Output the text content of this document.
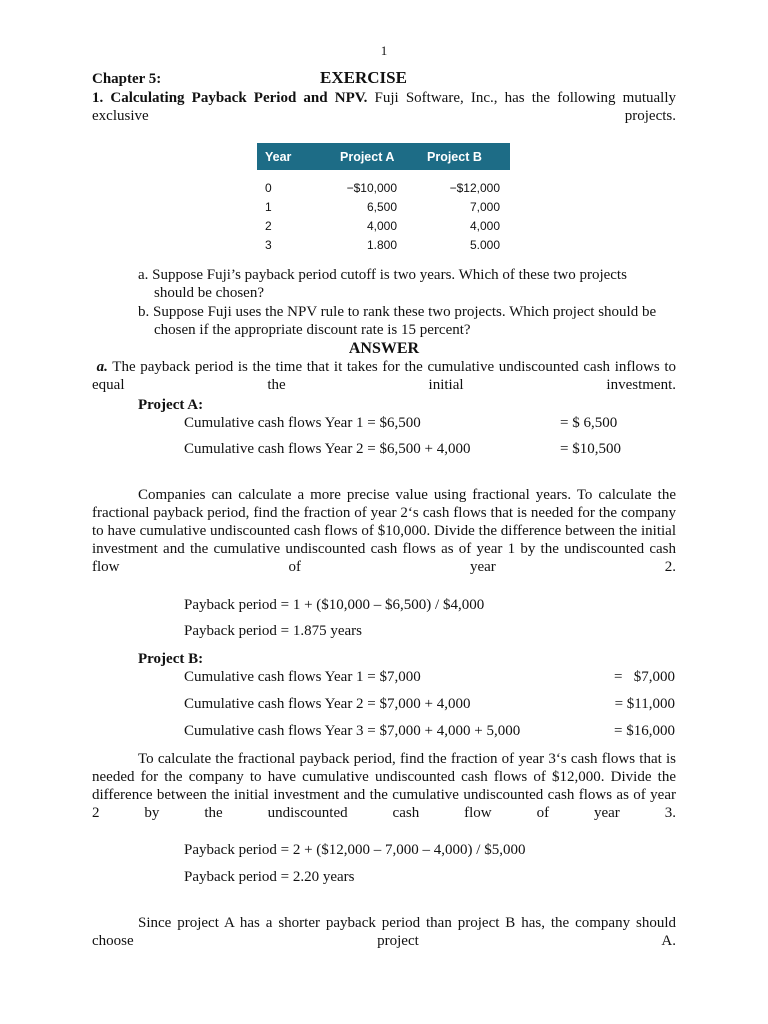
1
Chapter 5:	EXERCISE
1. Calculating Payback Period and NPV. Fuji Software, Inc., has the following mutually exclusive projects.
Year	Project A	Project B
0	−$10,000	−$12,000
1	6,500	7,000
2	4,000	4,000
3	1.800	5.000
a. Suppose Fuji’s payback period cutoff is two years. Which of these two projects should be chosen?
b. Suppose Fuji uses the NPV rule to rank these two projects. Which project should be chosen if the appropriate discount rate is 15 percent?
ANSWER
a. The payback period is the time that it takes for the cumulative undiscounted cash inflows to equal the initial investment.
Project A:
Cumulative cash flows Year 1 = $6,500	= $ 6,500
Cumulative cash flows Year 2 = $6,500 + 4,000	= $10,500
Companies can calculate a more precise value using fractional years. To calculate the fractional payback period, find the fraction of year 2‘s cash flows that is needed for the company to have cumulative undiscounted cash flows of $10,000. Divide the difference between the initial investment and the cumulative undiscounted cash flows as of year 1 by the undiscounted cash flow of year 2.
Payback period = 1 + ($10,000 – $6,500) / $4,000
Payback period = 1.875 years
Project B:
Cumulative cash flows Year 1 = $7,000	=   $7,000
Cumulative cash flows Year 2 = $7,000 + 4,000	= $11,000
Cumulative cash flows Year 3 = $7,000 + 4,000 + 5,000	= $16,000
To calculate the fractional payback period, find the fraction of year 3‘s cash flows that is needed for the company to have cumulative undiscounted cash flows of $12,000. Divide the difference between the initial investment and the cumulative undiscounted cash flows as of year 2 by the undiscounted cash flow of year 3.
Payback period = 2 + ($12,000 – 7,000 – 4,000) / $5,000
Payback period = 2.20 years
Since project A has a shorter payback period than project B has, the company should choose project A.
